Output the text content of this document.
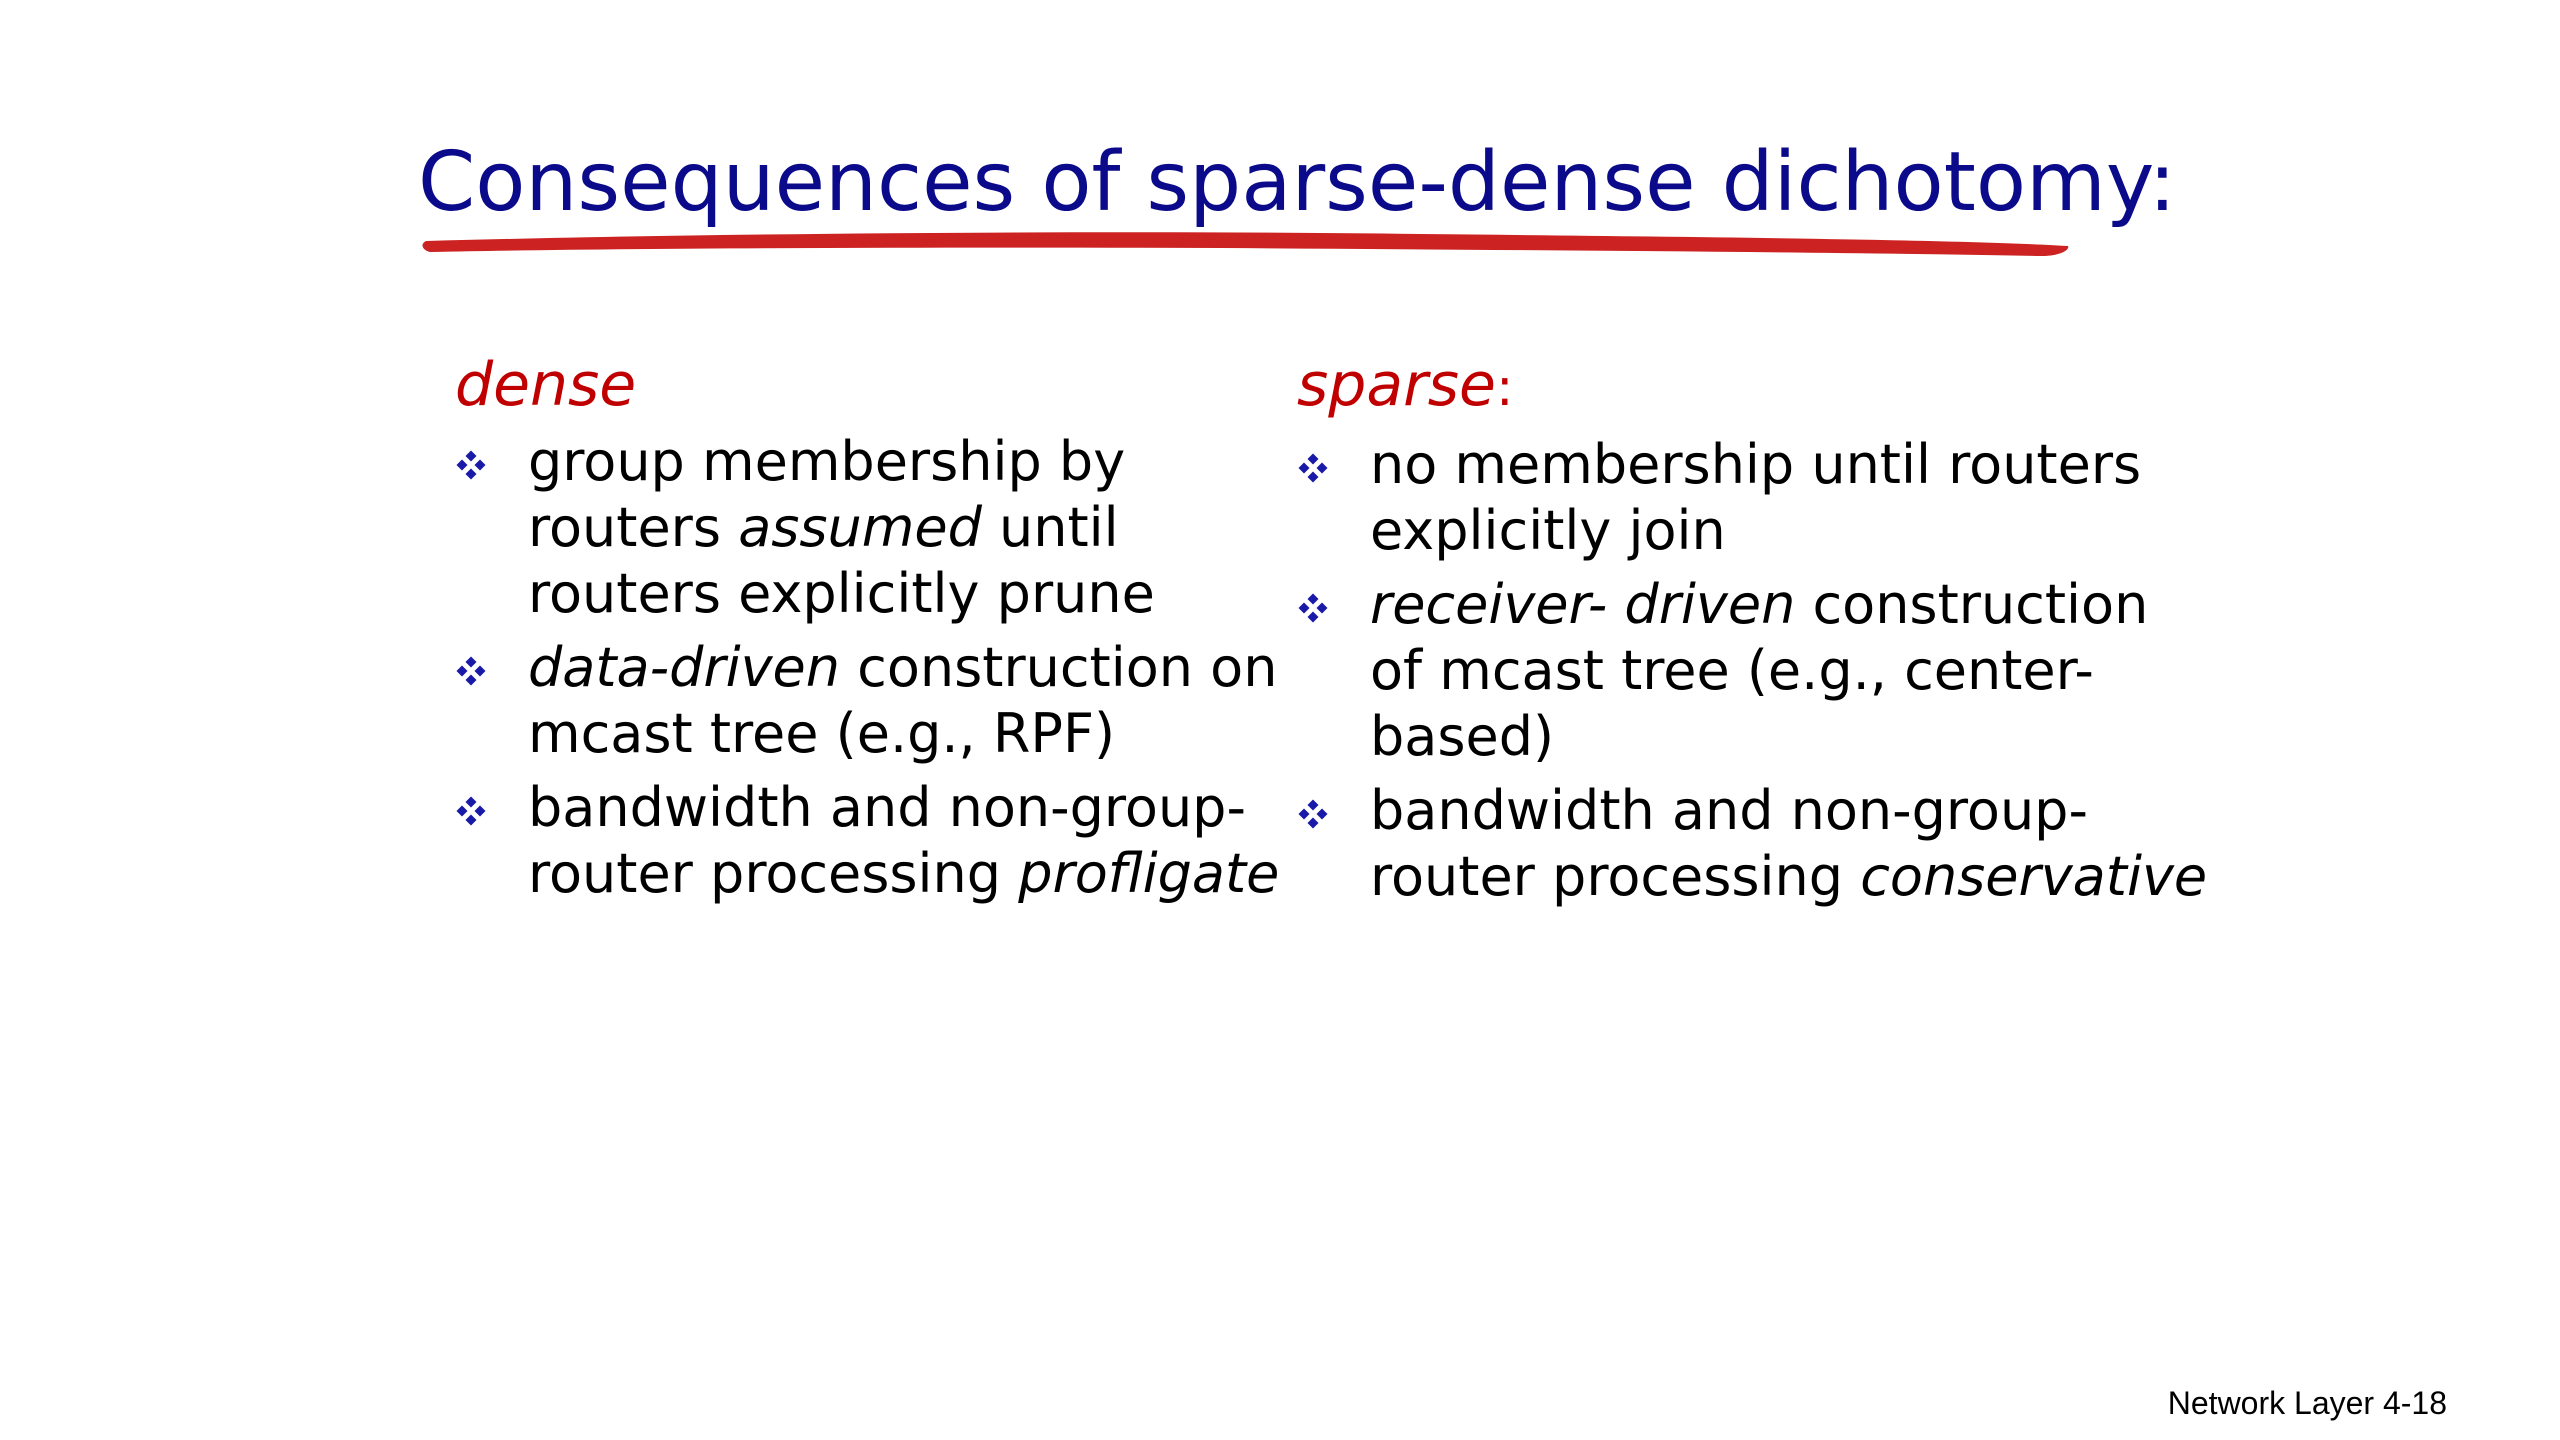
Consequences of sparse-dense dichotomy:
dense
group membership by
routers assumed until
routers explicitly prune
data-driven construction on
mcast tree (e.g., RPF)
bandwidth and non-group-
router processing profligate
sparse:
no membership until routers
explicitly join
receiver- driven construction
of mcast tree (e.g., center-
based)
bandwidth and non-group-
router processing conservative
Network Layer 4-18
